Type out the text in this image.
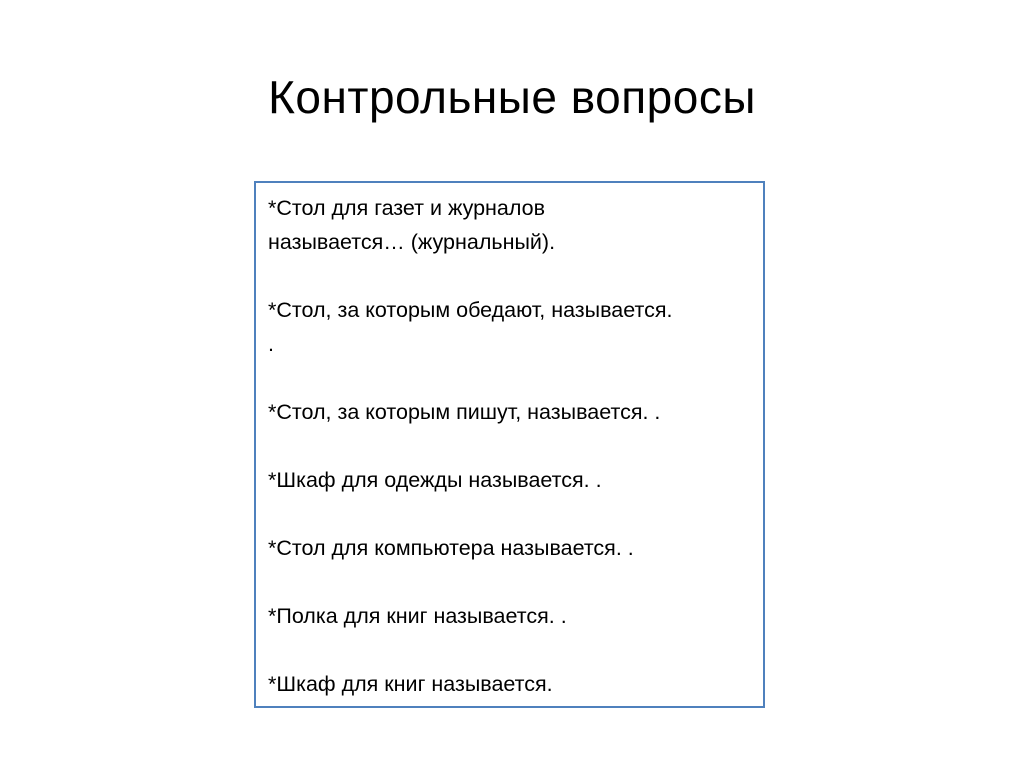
Контрольные вопросы
*Стол для газет и журналов
называется… (журнальный).
*Стол, за которым обедают, называется.
.
*Стол, за которым пишут, называется. .
*Шкаф для одежды называется. .
*Стол для компьютера называется. .
*Полка для книг называется. .
*Шкаф для книг называется.
